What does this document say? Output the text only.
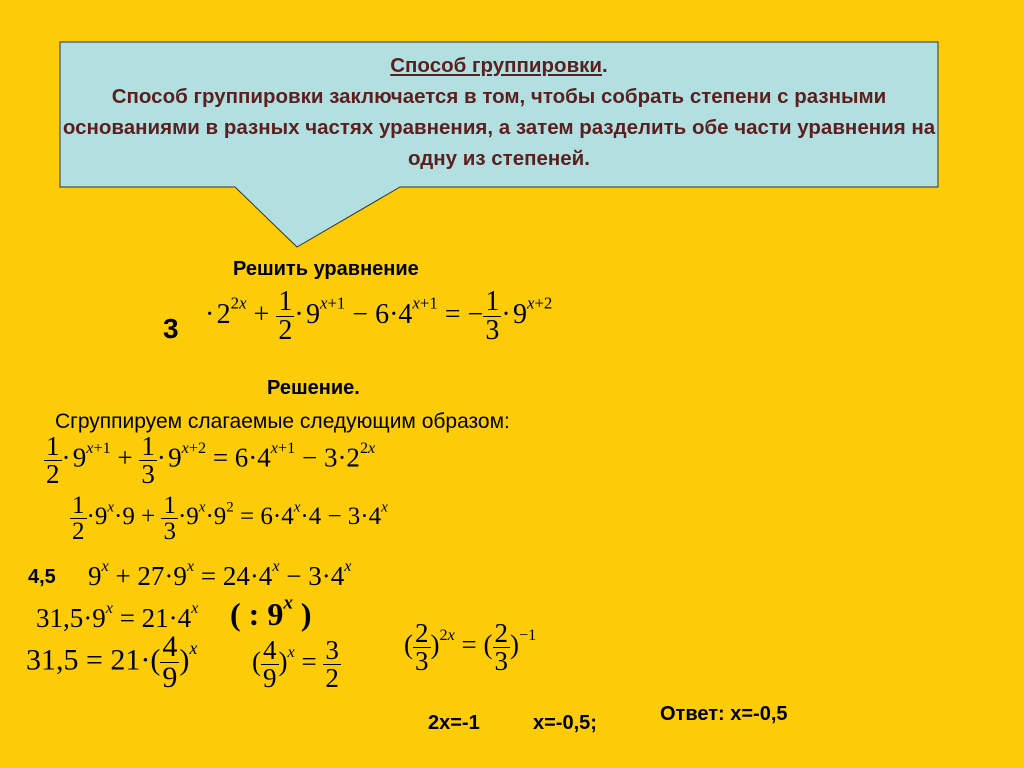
Способ группировки.
Способ группировки заключается в том, чтобы собрать степени с разными основаниями в разных частях уравнения, а затем разделить обе части уравнения на одну из степеней.
Решить уравнение
3 · $2^{2x} + \frac{1}{2}$ · $9^{x+1} - 6\cdot 4^{x+1}$ = − $\frac{1}{3}$ · $9^{x+2}$
Решение.
Сгруппируем слагаемые следующим образом:
$\frac{1}{2}$ · $9^{x+1} + \frac{1}{3}$ · $9^{x+2} = 6\cdot 4^{x+1} - 3\cdot 2^{2x}$
$\frac{1}{2} \cdot 9^x\cdot 9 + \frac{1}{3} \cdot 9^x\cdot 9^2 = 6\cdot 4^x\cdot 4 - 3\cdot 4^x$
4,5 $9^x + 27\cdot 9^x = 24\cdot 4^x - 3\cdot 4^x$
$31,5\cdot 9^x = 21\cdot 4^x$ ( : 9$^x$ )
$31,5 = 21\cdot( \frac{4}{9} )^x$ ( $\frac{4}{9} )^x = \frac{3}{2}$ ( $\frac{2}{3} )^{2x}$ = ( $\frac{2}{3} )^{-1}$
2x=-1	x=-0,5;	Ответ: x=-0,5
